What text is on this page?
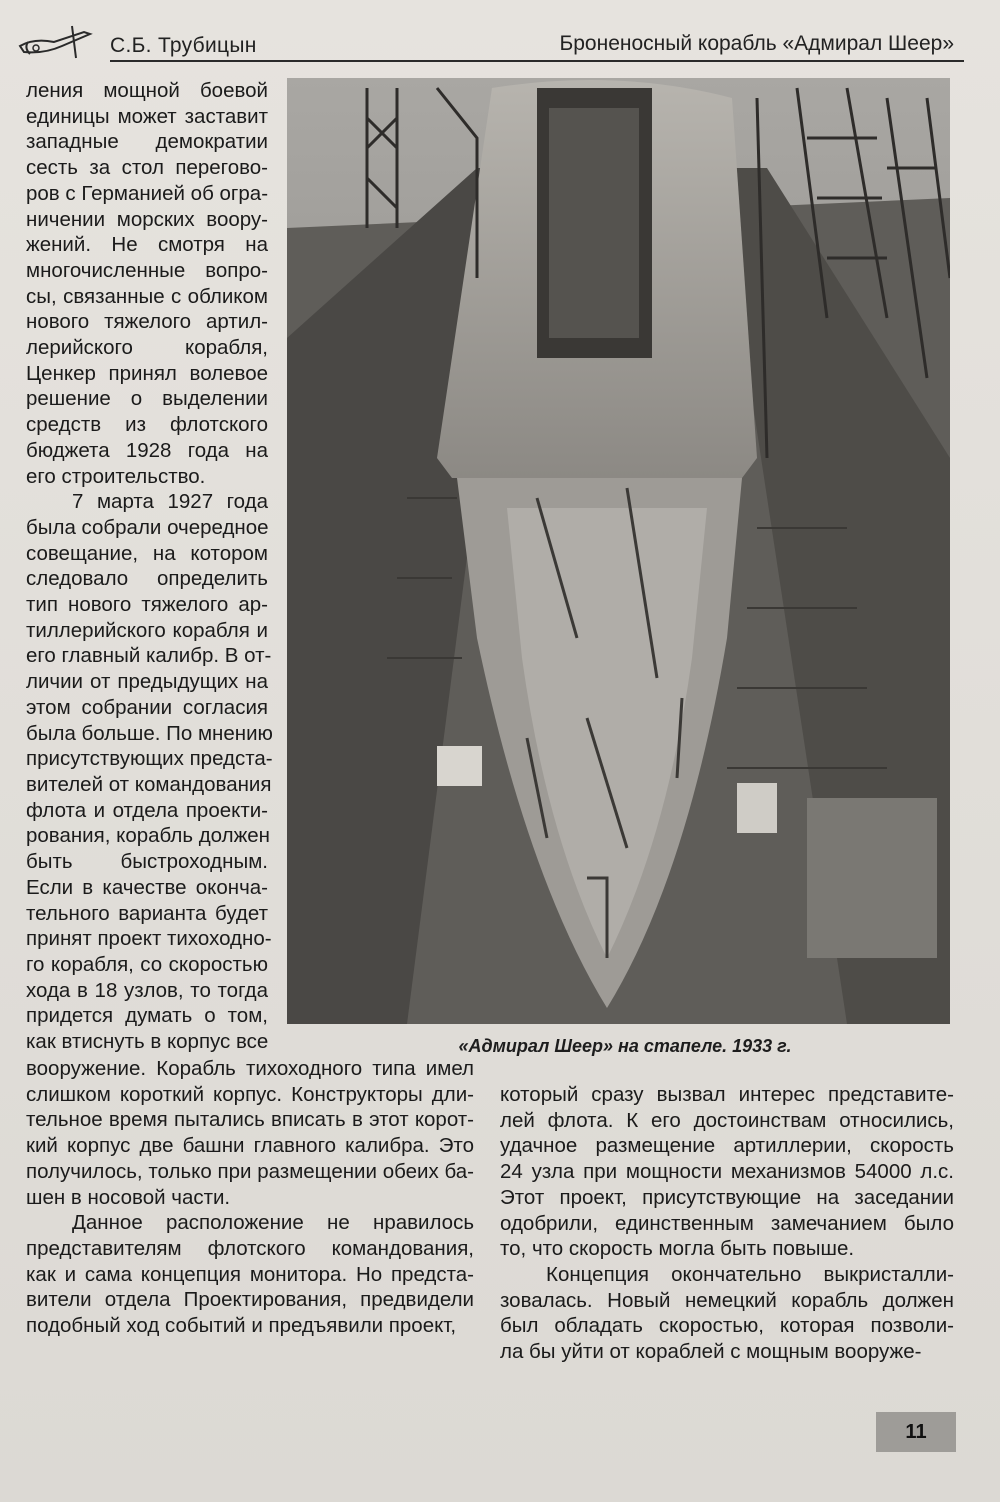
С.Б. Трубицын	Броненосный корабль «Адмирал Шеер»
«Адмирал Шеер» на стапеле. 1933 г.
ления мощной боевой
единицы может заставит
западные демократии
сесть за стол перегово-
ров с Германией об огра-
ничении морских воору-
жений. Не смотря на
многочисленные вопро-
сы, связанные с обликом
нового тяжелого артил-
лерийского корабля,
Ценкер принял волевое
решение о выделении
средств из флотского
бюджета 1928 года на
его строительство.
7 марта 1927 года
была собрали очередное
совещание, на котором
следовало определить
тип нового тяжелого ар-
тиллерийского корабля и
его главный калибр. В от-
личии от предыдущих на
этом собрании согласия
была больше. По мнению
присутствующих предста-
вителей от командования
флота и отдела проекти-
рования, корабль должен
быть быстроходным.
Если в качестве оконча-
тельного варианта будет
принят проект тихоходно-
го корабля, со скоростью
хода в 18 узлов, то тогда
придется думать о том,
как втиснуть в корпус все
вооружение. Корабль тихоходного типа имел
слишком короткий корпус. Конструкторы дли-
тельное время пытались вписать в этот корот-
кий корпус две башни главного калибра. Это
получилось, только при размещении обеих ба-
шен в носовой части.
Данное расположение не нравилось
представителям флотского командования,
как и сама концепция монитора. Но предста-
вители отдела Проектирования, предвидели
подобный ход событий и предъявили проект,
который сразу вызвал интерес представите-
лей флота. К его достоинствам относились,
удачное размещение артиллерии, скорость
24 узла при мощности механизмов 54000 л.с.
Этот проект, присутствующие на заседании
одобрили, единственным замечанием было
то, что скорость могла быть повыше.
Концепция окончательно выкристалли-
зовалась. Новый немецкий корабль должен
был обладать скоростью, которая позволи-
ла бы уйти от кораблей с мощным вооруже-
11
